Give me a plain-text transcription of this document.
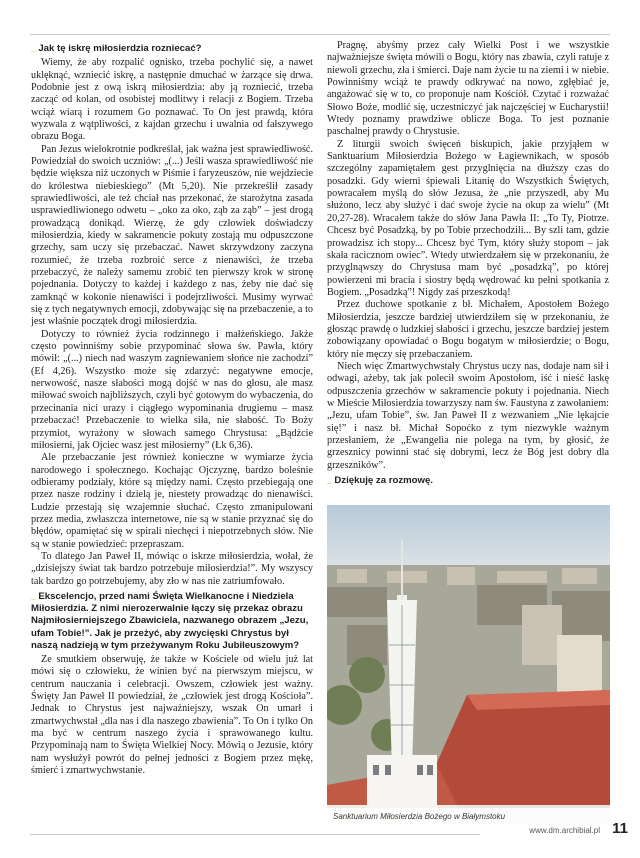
_ Jak tę iskrę miłosierdzia rozniecać?

Wiemy, że aby rozpalić ognisko, trzeba pochylić się, a nawet uklęknąć, wzniecić iskrę, a następnie dmuchać w żarzące się drwa. Podobnie jest z ową iskrą miłosierdzia: aby ją rozniecić, trzeba zacząć od kolan, od osobistej modlitwy i relacji z Bogiem. Trzeba wciąż wiarą i rozumem Go poznawać. To On jest prawdą, która wyzwala z wątpliwości, z kajdan grzechu i uwalnia od fałszywego obrazu Boga.

Pan Jezus wielokrotnie podkreślał, jak ważna jest sprawiedliwość. Powiedział do swoich uczniów: „(...) Jeśli wasza sprawiedliwość nie będzie większa niż uczonych w Piśmie i faryzeuszów, nie wejdziecie do królestwa niebieskiego” (Mt 5,20). Nie przekreślił zasady sprawiedliwości, ale też chciał nas przekonać, że starożytna zasada usprawiedliwionego odwetu – „oko za oko, ząb za ząb” – jest drogą prowadzącą donikąd. Wierzę, że gdy człowiek doświadczy miłosierdzia, kiedy w sakramencie pokuty zostają mu odpuszczone grzechy, sam uczy się przebaczać. Nawet skrzywdzony zaczyna rozumieć, że trzeba rozbroić serce z nienawiści, że trzeba przebaczyć, że należy samemu zrobić ten pierwszy krok w stronę pojednania. Dotyczy to każdej i każdego z nas, żeby nie dać się zamknąć w kokonie nienawiści i podejrzliwości. Musimy wyrwać się z tych negatywnych emocji, zdobywając się na przebaczenie, a to jest właśnie początek drogi miłosierdzia.

Dotyczy to również życia rodzinnego i małżeńskiego. Jakże często powinniśmy sobie przypominać słowa św. Pawła, który mówił: „(...) niech nad waszym zagniewaniem słońce nie zachodzi” (Ef 4,26). Wszystko może się zdarzyć: negatywne emocje, nerwowość, nasze słabości mogą dojść w nas do głosu, ale masz miłować swoich najbliższych, czyli być gotowym do wybaczenia, do przecinania nici urazy i ciągłego wypominania drugiemu – masz przebaczać! Przebaczenie to wielka siła, nie słabość. To Boży przymiot, wyrażony w słowach samego Chrystusa: „Bądźcie miłosierni, jak Ojciec wasz jest miłosierny” (Łk 6,36).

Ale przebaczanie jest również konieczne w wymiarze życia narodowego i społecznego. Kochając Ojczyznę, bardzo boleśnie odbieramy podziały, które są między nami. Często przebiegają one przez nasze rodziny i dzielą je, niestety prowadząc do nienawiści. Ludzie przestają się wzajemnie słuchać. Często zmanipulowani przez media, zwłaszcza internetowe, nie są w stanie przyznać się do błędów, opamiętać się w spirali niechęci i niepotrzebnych słów. Nie są w stanie powiedzieć: przepraszam.

To dlatego Jan Paweł II, mówiąc o iskrze miłosierdzia, wołał, że „dzisiejszy świat tak bardzo potrzebuje miłosierdzia!”. My wszyscy tak bardzo go potrzebujemy, aby zło w nas nie zatriumfowało.

_ Ekscelencjo, przed nami Święta Wielkanocne i Niedziela Miłosierdzia. Z nimi nierozerwalnie łączy się przekaz obrazu Najmiłosierniejszego Zbawiciela, nazwanego obrazem „Jezu, ufam Tobie!”. Jak je przeżyć, aby zwycięski Chrystus był naszą nadzieją w tym przeżywanym Roku Jubileuszowym?

Ze smutkiem obserwuję, że także w Kościele od wielu już lat mówi się o człowieku, że winien być na pierwszym miejscu, w centrum nauczania i celebracji. Owszem, człowiek jest ważny. Święty Jan Paweł II powiedział, że „człowiek jest drogą Kościoła”. Jednak to Chrystus jest najważniejszy, wszak On umarł i zmartwychwstał „dla nas i dla naszego zbawienia”. To On i tylko On ma być w centrum naszego życia i sprawowanego kultu. Przypominają nam to Święta Wielkiej Nocy. Mówią o Jezusie, który nam wysłużył powrót do pełnej jedności z Bogiem przez mękę, śmierć i zmartwychwstanie.

Pragnę, abyśmy przez cały Wielki Post i we wszystkie najważniejsze święta mówili o Bogu, który nas zbawia, czyli ratuje z niewoli grzechu, zła i śmierci. Daje nam życie tu na ziemi i w niebie. Powinniśmy wciąż te prawdy odkrywać na nowo, zgłębiać je, angażować się w to, co proponuje nam Kościół. Czytać i rozważać Słowo Boże, modlić się, uczestniczyć jak najczęściej w Eucharystii! Wtedy poznamy prawdziwe oblicze Boga. To jest poznanie paschalnej prawdy o Chrystusie.

Z liturgii swoich święceń biskupich, jakie przyjąłem w Sanktuarium Miłosierdzia Bożego w Łagiewnikach, w sposób szczególny zapamiętałem gest przyglnięcia na dłuższy czas do posadzki. Gdy wierni śpiewali Litanię do Wszystkich Świętych, powracałem myślą do słów Jezusa, że „nie przyszedł, aby Mu służono, lecz aby służyć i dać swoje życie na okup za wielu” (Mt 20,27-28). Wracałem także do słów Jana Pawła II: „To Ty, Piotrze. Chcesz być Posadzką, by po Tobie przechodzili... By szli tam, gdzie prowadzisz ich stopy... Chcesz być Tym, który służy stopom – jak skała racicznom owiec”. Wtedy utwierdzałem się w przekonaniu, że przyglnąwszy do Chrystusa mam być „posadzką”, po której powierzeni mi bracia i siostry będą wędrować ku pełni spotkania z Bogiem. „Posadzką”! Nigdy zaś przeszkodą!

Przez duchowe spotkanie z bł. Michałem, Apostołem Bożego Miłosierdzia, jeszcze bardziej utwierdziłem się w przekonaniu, że głosząc prawdę o ludzkiej słabości i grzechu, jeszcze bardziej jestem zobowiązany opowiadać o Bogu bogatym w miłosierdzie; o Bogu, który nie męczy się przebaczaniem.

Niech więc Zmartwychwstały Chrystus uczy nas, dodaje nam sił i odwagi, ażeby, tak jak polecił swoim Apostołom, iść i nieść łaskę odpuszczenia grzechów w sakramencie pokuty i pojednania. Niech w Mieście Miłosierdzia towarzyszy nam św. Faustyna z zawołaniem: „Jezu, ufam Tobie”, św. Jan Paweł II z wezwaniem „Nie lękajcie się!” i nasz bł. Michał Sopoćko z tym niezwykle ważnym przesłaniem, że „Ewangelia nie polega na tym, by głosić, że grzesznicy powinni stać się dobrymi, lecz że Bóg jest dobry dla grzeszników”.

_ Dziękuję za rozmowę.
Sanktuarium Miłosierdzia Bożego w Białymstoku
www.dm.archibial.pl 11
